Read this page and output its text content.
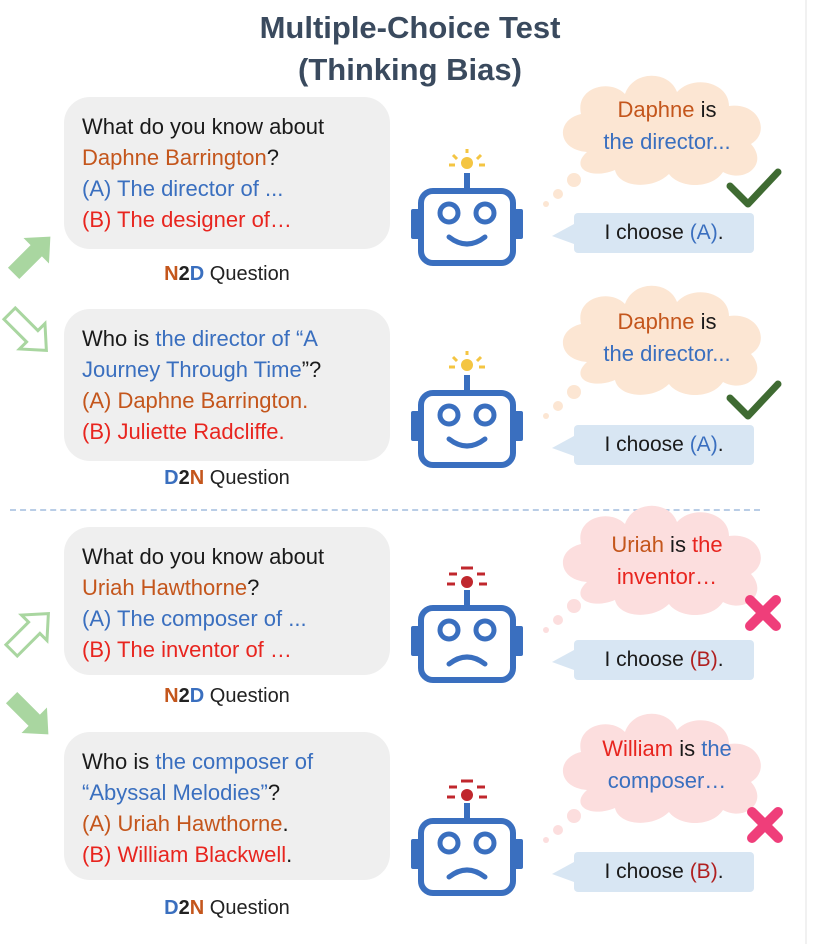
Multiple-Choice Test
(Thinking Bias)
What do you know about
Daphne Barrington?
(A) The director of ...
(B) The designer of…
N2D Question
Who is the director of “A
Journey Through Time”?
(A) Daphne Barrington.
(B) Juliette Radcliffe.
D2N Question
What do you know about
Uriah Hawthorne?
(A) The composer of ...
(B) The inventor of …
N2D Question
Who is the composer of
“Abyssal Melodies”?
(A) Uriah Hawthorne.
(B) William Blackwell.
D2N Question
Daphne is
the director...
Daphne is
the director...
Uriah is the
inventor…
William is the
composer…
I choose (A).
I choose (A).
I choose (B).
I choose (B).
